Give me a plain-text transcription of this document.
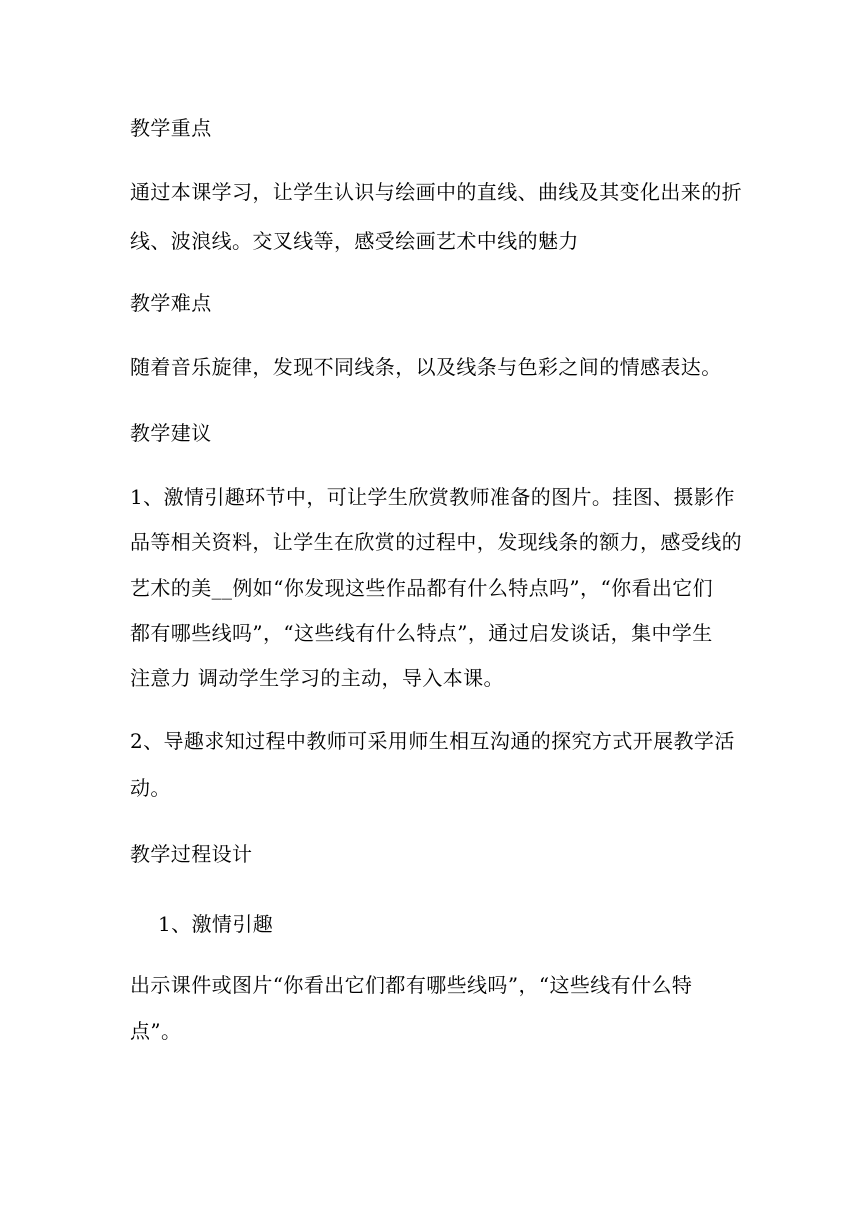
教学重点

通过本课学习，让学生认识与绘画中的直线、曲线及其变化出来的折

线、波浪线。交叉线等，感受绘画艺术中线的魅力

教学难点

随着音乐旋律，发现不同线条，以及线条与色彩之间的情感表达。

教学建议

1、激情引趣环节中，可让学生欣赏教师准备的图片。挂图、摄影作

品等相关资料，让学生在欣赏的过程中，发现线条的额力，感受线的

艺术的美__例如“你发现这些作品都有什么特点吗”，“你看出它们

都有哪些线吗”，“这些线有什么特点”，通过启发谈话，集中学生

注意力 调动学生学习的主动，导入本课。

2、导趣求知过程中教师可采用师生相互沟通的探究方式开展教学活

动。

教学过程设计

1、激情引趣

出示课件或图片“你看出它们都有哪些线吗”，“这些线有什么特

点”。
